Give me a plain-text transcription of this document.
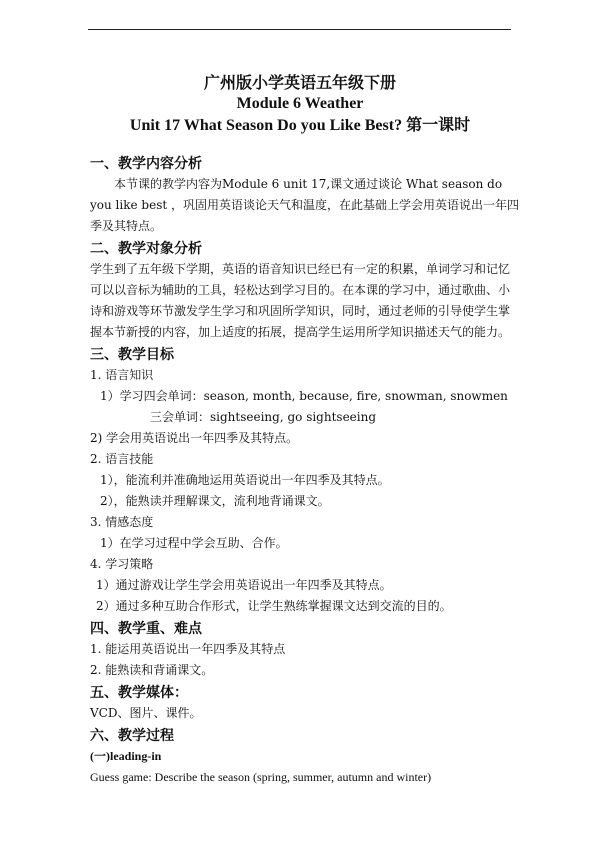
广州版小学英语五年级下册
Module 6 Weather
Unit 17 What Season Do you Like Best? 第一课时
一、教学内容分析

本节课的教学内容为Module 6 unit 17,课文通过谈论 What season do you like best ，巩固用英语谈论天气和温度，在此基础上学会用英语说出一年四季及其特点。

二、教学对象分析

学生到了五年级下学期，英语的语音知识已经已有一定的积累，单词学习和记忆可以以音标为辅助的工具，轻松达到学习目的。在本课的学习中，通过歌曲、小诗和游戏等环节激发学生学习和巩固所学知识，同时，通过老师的引导使学生掌握本节新授的内容，加上适度的拓展，提高学生运用所学知识描述天气的能力。

三、教学目标
1. 语言知识
1）学习四会单词：season, month, because, fire, snowman, snowmen
三会单词：sightseeing, go sightseeing
2) 学会用英语说出一年四季及其特点。
2. 语言技能
1），能流利并准确地运用英语说出一年四季及其特点。
2），能熟读并理解课文，流利地背诵课文。
3. 情感态度
1）在学习过程中学会互助、合作。
4. 学习策略
1）通过游戏让学生学会用英语说出一年四季及其特点。
2）通过多种互助合作形式，让学生熟练掌握课文达到交流的目的。
四、教学重、难点
1. 能运用英语说出一年四季及其特点
2. 能熟读和背诵课文。
五、教学媒体：
VCD、图片、课件。
六、教学过程
(一)leading-in
Guess game: Describe the season (spring, summer, autumn and winter)
